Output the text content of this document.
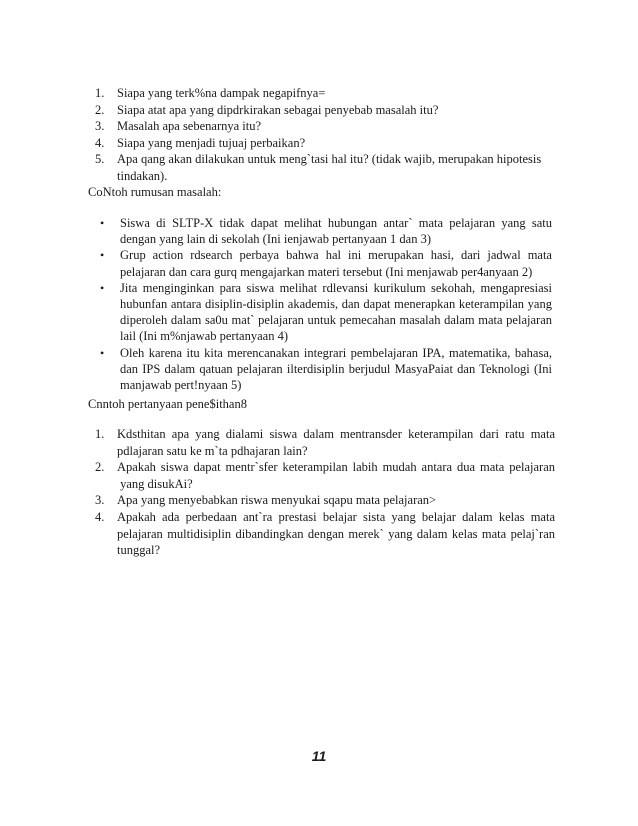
1. Siapa yang terk%na dampak negapifnya=
2. Siapa atat apa yang dipdrkirakan sebagai penyebab masalah itu?
3. Masalah apa sebenarnya itu?
4. Siapa yang menjadi tujuaj perbaikan?
5. Apa qang akan dilakukan untuk meng`tasi hal itu? (tidak wajib, merupakan hipotesis tindakan).
CoNtoh rumusan masalah:
• Siswa di SLTP-X tidak dapat melihat hubungan antar` mata pelajaran yang satu dengan yang lain di sekolah (Ini ienjawab pertanyaan 1 dan 3)
• Grup action rdsearch perbaya bahwa hal ini merupakan hasi, dari jadwal mata pelajaran dan cara gurq mengajarkan materi tersebut (Ini menjawab per4anyaan 2)
• Jita menginginkan para siswa melihat rdlevansi kurikulum sekohah, mengapresiasi hubunfan antara disiplin-disiplin akademis, dan dapat menerapkan keterampilan yang diperoleh dalam sa0u mat` pelajaran untuk pemecahan masalah dalam mata pelajaran lail (Ini m%njawab pertanyaan 4)
• Oleh karena itu kita merencanakan integrari pembelajaran IPA, matematika, bahasa, dan IPS dalam qatuan pelajaran ilterdisiplin berjudul MasyaPaiat dan Teknologi (Ini manjawab pert!nyaan 5)
Cnntoh pertanyaan pene$ithan8
1. Kdsthitan apa yang dialami siswa dalam mentransder keterampilan dari ratu mata pdlajaran satu ke m`ta pdhajaran lain?
2. Apakah siswa dapat mentr`sfer keterampilan labih mudah antara dua mata pelajaran  yang disukAi?
3. Apa yang menyebabkan riswa menyukai sqapu mata pelajaran>
4. Apakah ada perbedaan ant`ra prestasi belajar sista yang belajar dalam kelas mata pelajaran multidisiplin dibandingkan dengan merek` yang dalam kelas mata pelaj`ran tunggal?
11
